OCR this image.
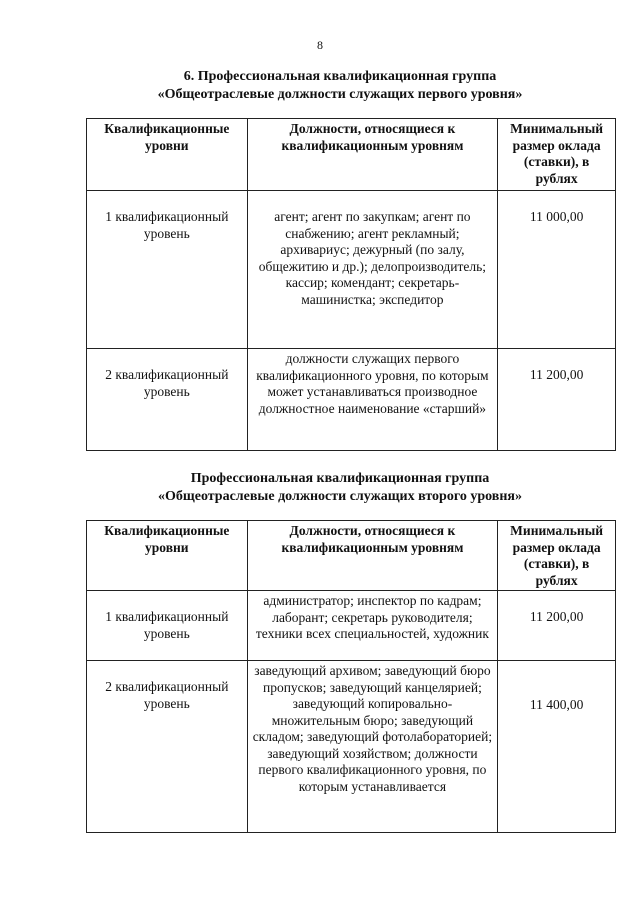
8
6. Профессиональная квалификационная группа
«Общеотраслевые должности служащих первого уровня»
Квалификационные уровни	Должности, относящиеся к квалификационным уровням	Минимальный размер оклада (ставки), в рублях
1 квалификационный уровень	агент; агент по закупкам; агент по снабжению; агент рекламный; архивариус; дежурный (по залу, общежитию и др.); делопроизводитель; кассир; комендант; секретарь-машинистка; экспедитор	11 000,00
2 квалификационный уровень	должности служащих первого квалификационного уровня, по которым может устанавливаться производное должностное наименование «старший»	11 200,00
Профессиональная квалификационная группа
«Общеотраслевые должности служащих второго уровня»
Квалификационные уровни	Должности, относящиеся к квалификационным уровням	Минимальный размер оклада (ставки), в рублях
1 квалификационный уровень	администратор; инспектор по кадрам; лаборант; секретарь руководителя; техники всех специальностей, художник	11 200,00
2 квалификационный уровень	заведующий архивом; заведующий бюро пропусков; заведующий канцелярией; заведующий копировально-множительным бюро; заведующий складом; заведующий фотолабораторией; заведующий хозяйством; должности первого квалификационного уровня, по которым устанавливается	11 400,00
